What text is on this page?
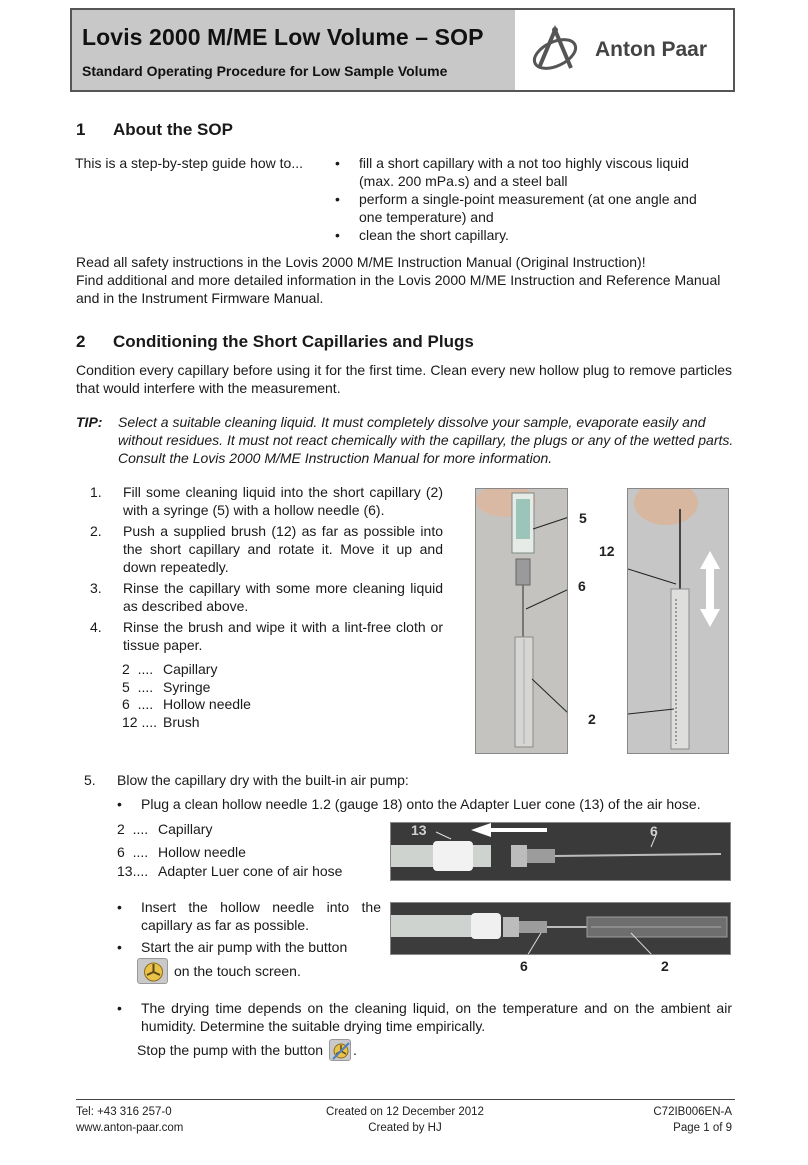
Lovis 2000 M/ME Low Volume – SOP
Standard Operating Procedure for Low Sample Volume
Anton Paar
1 About the SOP
This is a step-by-step guide how to... • fill a short capillary with a not too highly viscous liquid (max. 200 mPa.s) and a steel ball
• perform a single-point measurement (at one angle and one temperature) and
• clean the short capillary.
Read all safety instructions in the Lovis 2000 M/ME Instruction Manual (Original Instruction)!
Find additional and more detailed information in the Lovis 2000 M/ME Instruction and Reference Manual and in the Instrument Firmware Manual.
2 Conditioning the Short Capillaries and Plugs
Condition every capillary before using it for the first time. Clean every new hollow plug to remove particles that would interfere with the measurement.
TIP:	Select a suitable cleaning liquid. It must completely dissolve your sample, evaporate easily and without residues. It must not react chemically with the capillary, the plugs or any of the wetted parts. Consult the Lovis 2000 M/ME Instruction Manual for more information.
1. Fill some cleaning liquid into the short capillary (2) with a syringe (5) with a hollow needle (6).
2. Push a supplied brush (12) as far as possible into the short capillary and rotate it. Move it up and down repeatedly.
3. Rinse the capillary with some more cleaning liquid as described above.
4. Rinse the brush and wipe it with a lint-free cloth or tissue paper.
2  .... Capillary
5  .... Syringe
6  .... Hollow needle
12 .... Brush
5
6
2
12
5. Blow the capillary dry with the built-in air pump:
• Plug a clean hollow needle 1.2 (gauge 18) onto the Adapter Luer cone (13) of the air hose.
2  .... Capillary
6  .... Hollow needle
13.... Adapter Luer cone of air hose
13	6
• Insert the hollow needle into the capillary as far as possible.
• Start the air pump with the button
on the touch screen.	6	2
• The drying time depends on the cleaning liquid, on the temperature and on the ambient air humidity. Determine the suitable drying time empirically.
Stop the pump with the button .
Tel: +43 316 257-0
www.anton-paar.com
Created on 12 December 2012
Created by HJ
C72IB006EN-A
Page 1 of 9
